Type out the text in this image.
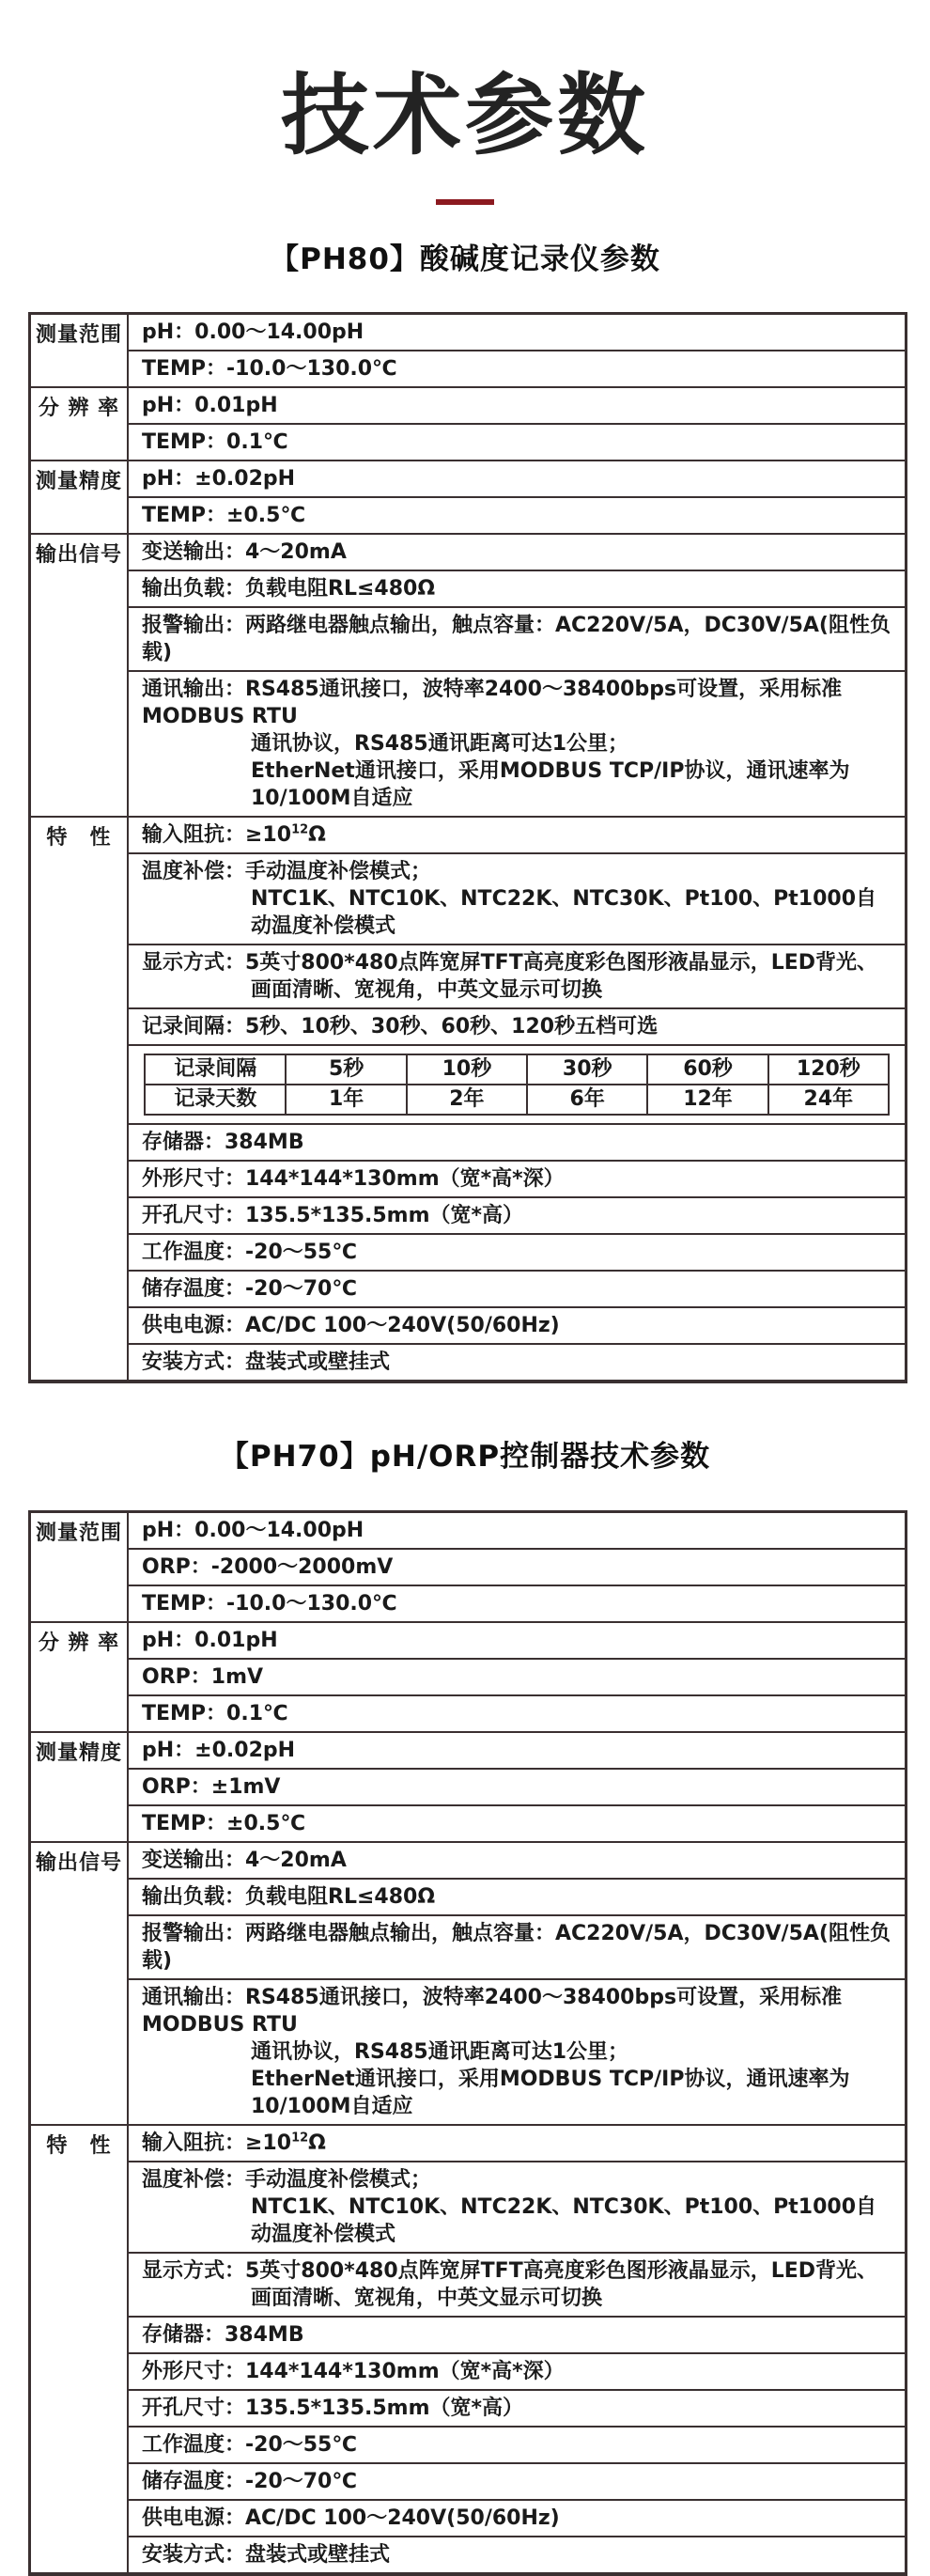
技术参数
【PH80】酸碱度记录仪参数
测量范围	pH：0.00～14.00pH

TEMP：-10.0～130.0℃

分 辨 率	pH：0.01pH

TEMP：0.1℃

测量精度	pH：±0.02pH

TEMP：±0.5℃

输出信号	变送输出：4～20mA

输出负载：负载电阻RL≤480Ω

报警输出：两路继电器触点输出，触点容量：AC220V/5A，DC30V/5A(阻性负载)

通讯输出：RS485通讯接口，波特率2400～38400bps可设置，采用标准MODBUS RTU
通讯协议，RS485通讯距离可达1公里；
EtherNet通讯接口，采用MODBUS TCP/IP协议，通讯速率为10/100M自适应

特　性	输入阻抗：$\ge 10^{12}\Omega$

温度补偿：手动温度补偿模式；
NTC1K、NTC10K、NTC22K、NTC30K、Pt100、Pt1000自动温度补偿模式

显示方式：5英寸800*480点阵宽屏TFT高亮度彩色图形液晶显示，LED背光、
画面清晰、宽视角，中英文显示可切换

记录间隔：5秒、10秒、30秒、60秒、120秒五档可选

记录间隔	5秒	10秒	30秒	60秒	120秒
记录天数	1年	2年	6年	12年	24年

存储器：384MB

外形尺寸：144*144*130mm（宽*高*深）

开孔尺寸：135.5*135.5mm（宽*高）

工作温度：-20～55℃

储存温度：-20～70℃

供电电源：AC/DC 100～240V(50/60Hz)

安装方式：盘装式或壁挂式
【PH70】pH/ORP控制器技术参数
测量范围	pH：0.00～14.00pH

	ORP：-2000～2000mV

	TEMP：-10.0～130.0℃

分 辨 率	pH：0.01pH

	ORP：1mV

	TEMP：0.1℃

测量精度	pH：±0.02pH

	ORP：±1mV

	TEMP：±0.5℃

输出信号	变送输出：4～20mA

	输出负载：负载电阻RL≤480Ω

	报警输出：两路继电器触点输出，触点容量：AC220V/5A，DC30V/5A(阻性负载)

	通讯输出：RS485通讯接口，波特率2400～38400bps可设置，采用标准MODBUS RTU
通讯协议，RS485通讯距离可达1公里；
EtherNet通讯接口，采用MODBUS TCP/IP协议，通讯速率为10/100M自适应

特　性	输入阻抗：$\ge 10^{12}\Omega$

	温度补偿：手动温度补偿模式；
NTC1K、NTC10K、NTC22K、NTC30K、Pt100、Pt1000自动温度补偿模式

	显示方式：5英寸800*480点阵宽屏TFT高亮度彩色图形液晶显示，LED背光、
画面清晰、宽视角，中英文显示可切换

	存储器：384MB

	外形尺寸：144*144*130mm（宽*高*深）

	开孔尺寸：135.5*135.5mm（宽*高）

	工作温度：-20～55℃

	储存温度：-20～70℃

	供电电源：AC/DC 100～240V(50/60Hz)

	安装方式：盘装式或壁挂式
